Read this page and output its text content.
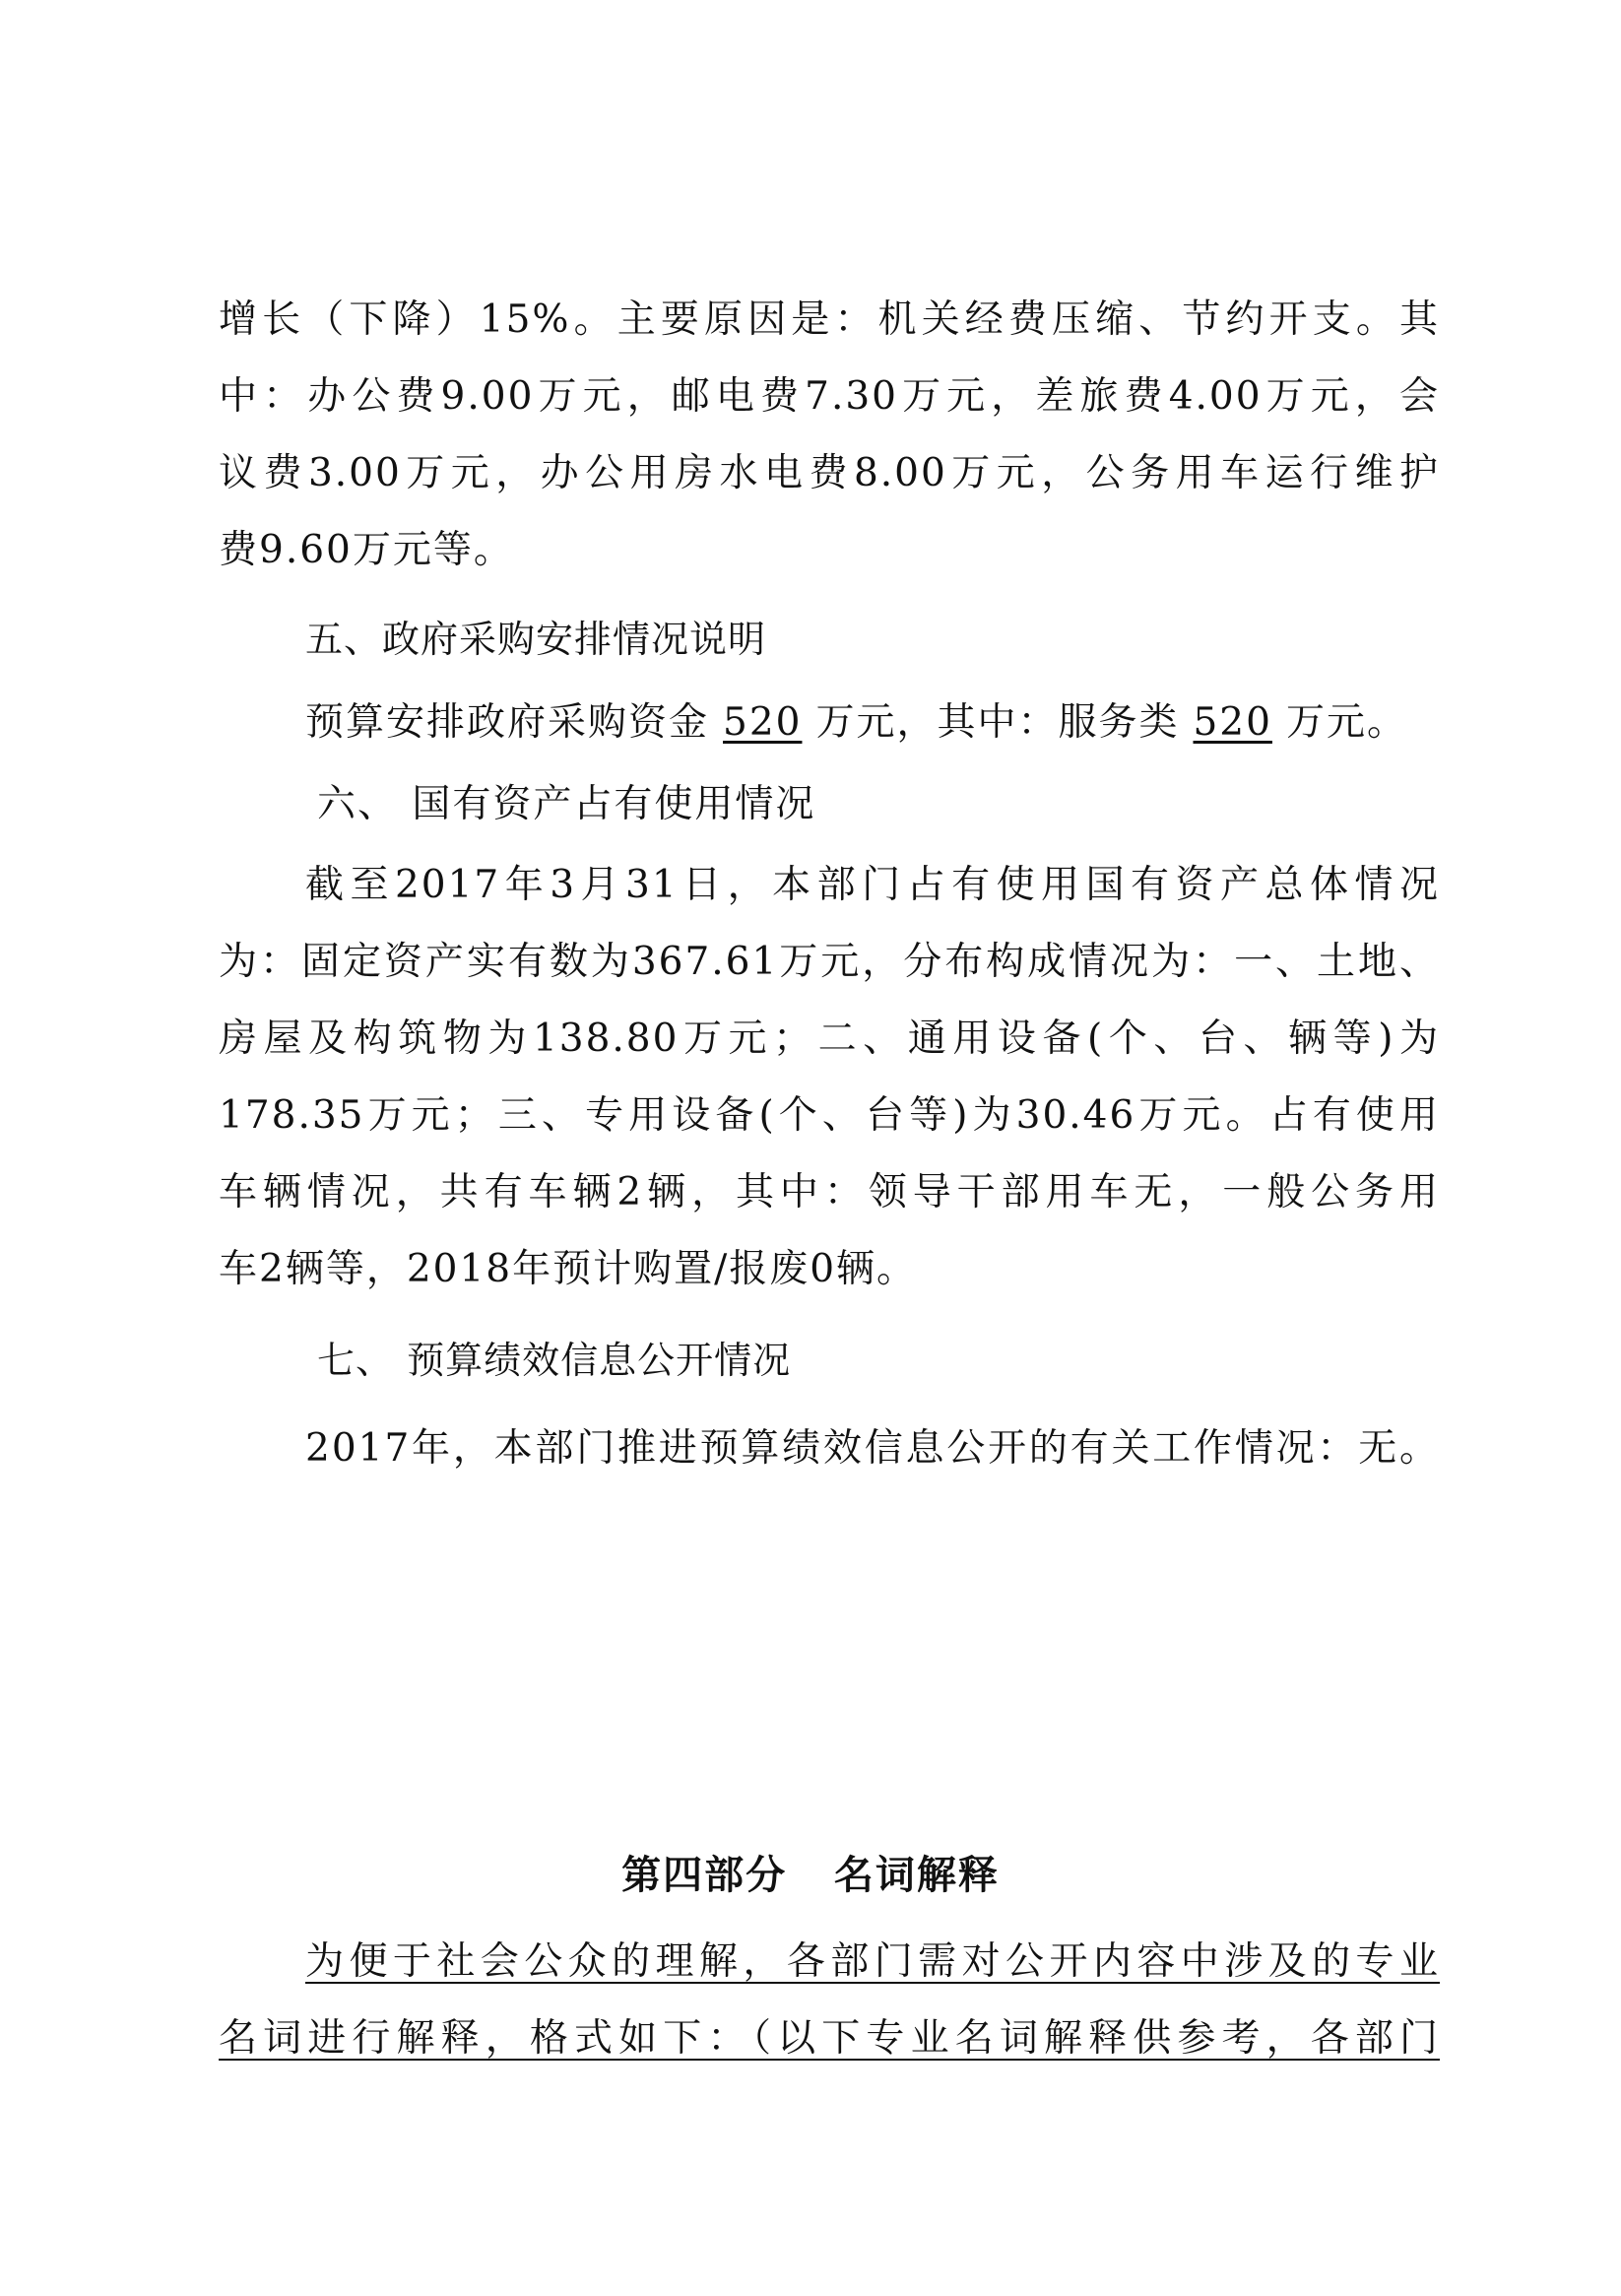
增长（下降）15%。主要原因是：机关经费压缩、节约开支。其
中：办公费9.00万元，邮电费7.30万元，差旅费4.00万元，会
议费3.00万元，办公用房水电费8.00万元，公务用车运行维护
费9.60万元等。
五、政府采购安排情况说明
预算安排政府采购资金 520 万元，其中：服务类 520 万元。
六、 国有资产占有使用情况
截至2017年3月31日，本部门占有使用国有资产总体情况
为：固定资产实有数为367.61万元，分布构成情况为：一、土地、
房屋及构筑物为138.80万元；二、通用设备(个、台、辆等)为
178.35万元；三、专用设备(个、台等)为30.46万元。占有使用
车辆情况，共有车辆2辆，其中：领导干部用车无，一般公务用
车2辆等，2018年预计购置/报废0辆。
七、 预算绩效信息公开情况
2017年，本部门推进预算绩效信息公开的有关工作情况：无。
第四部分   名词解释
为便于社会公众的理解，各部门需对公开内容中涉及的专业
名词进行解释，格式如下：（以下专业名词解释供参考，各部门
